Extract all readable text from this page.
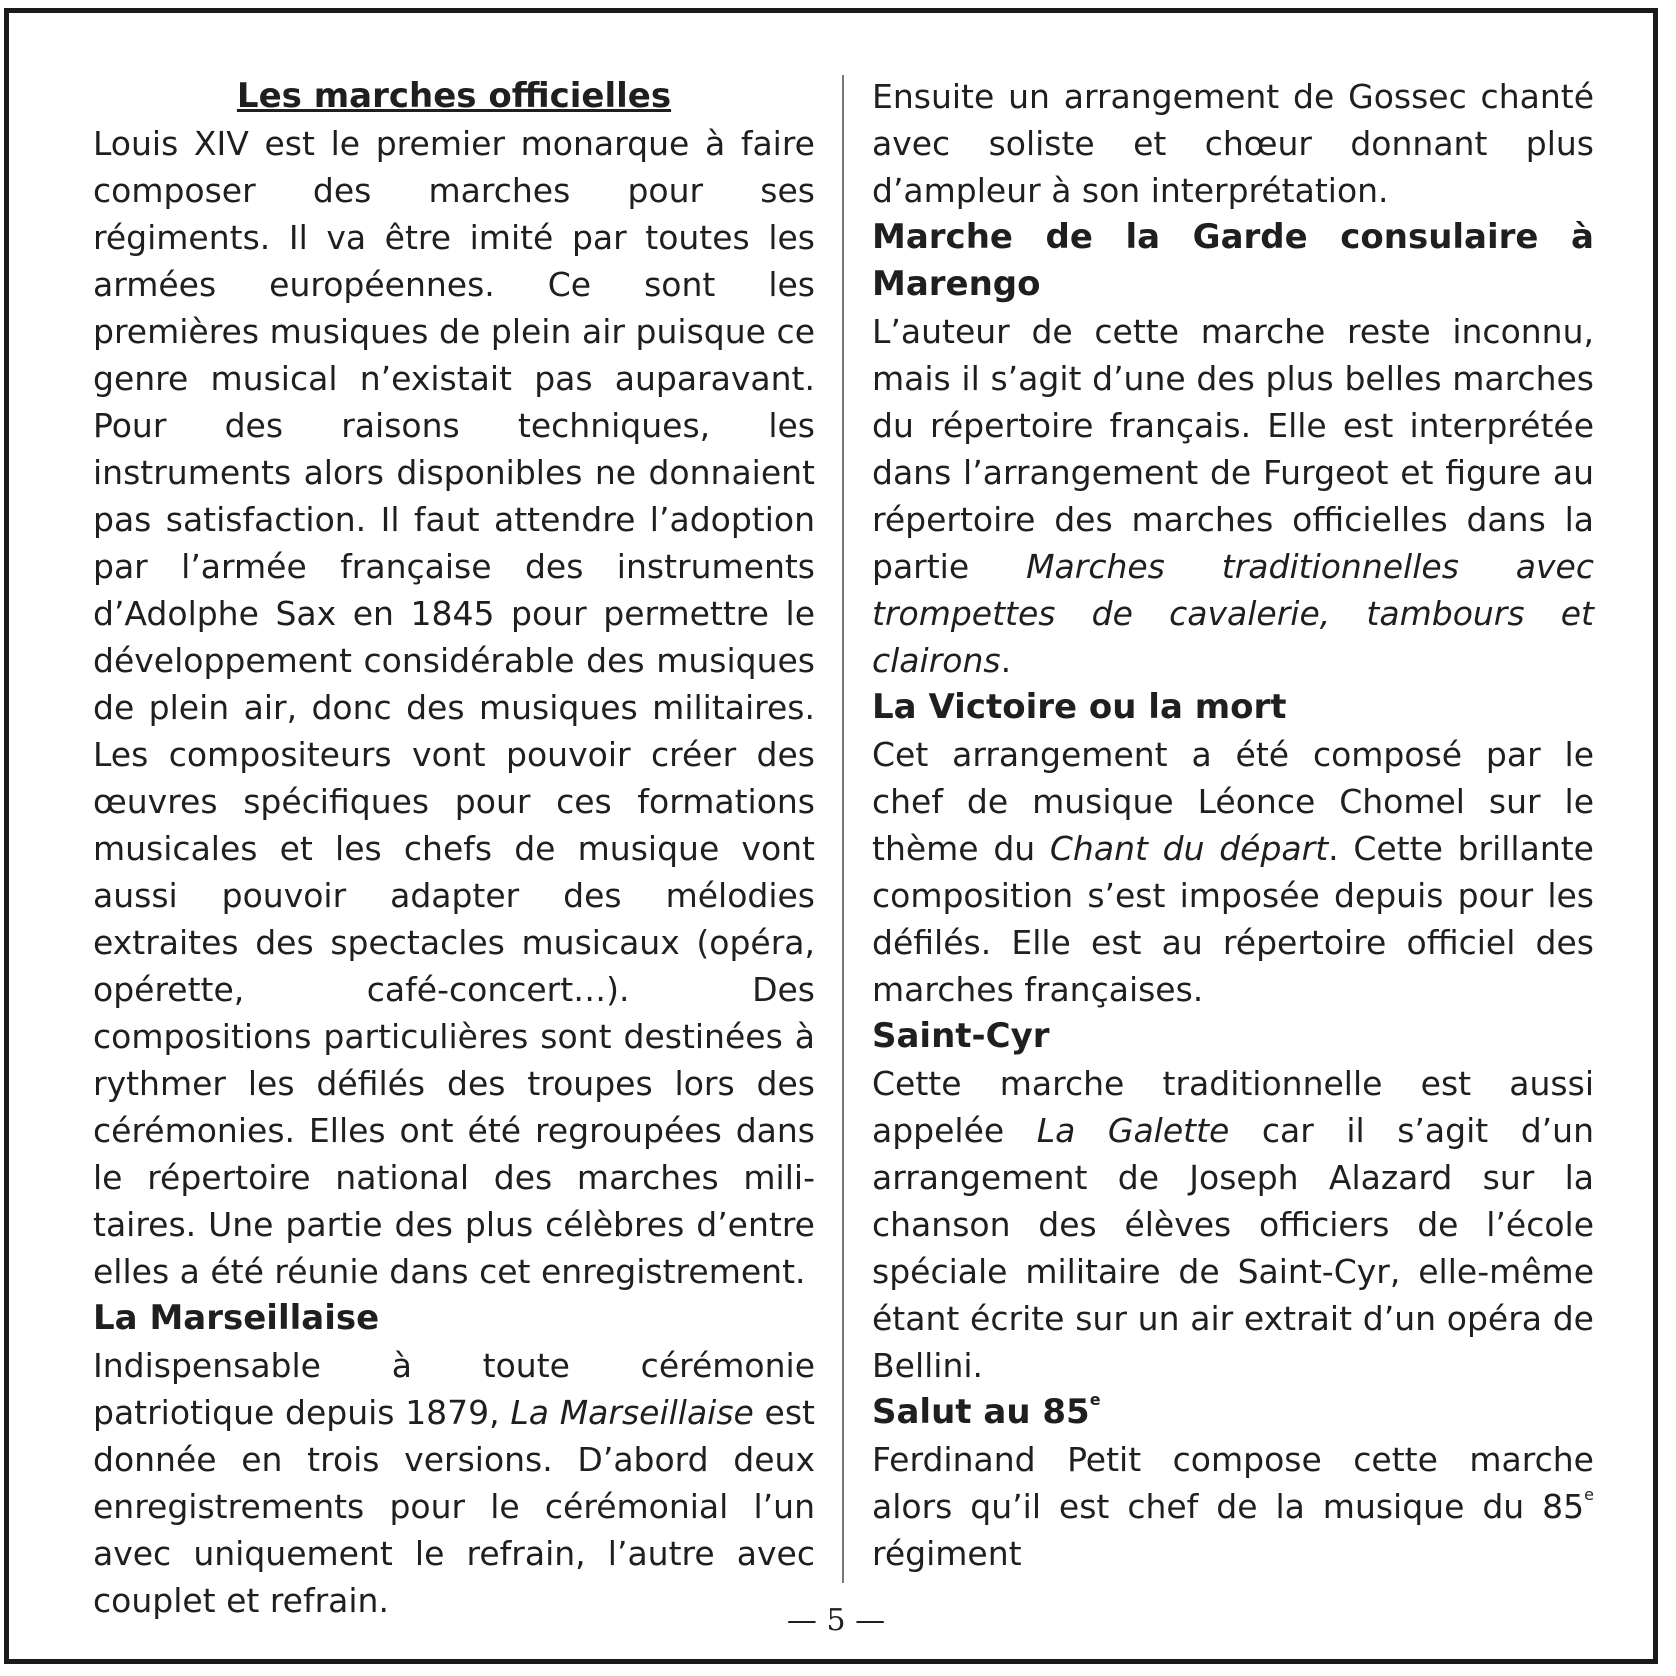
Les marches officielles

Louis XIV est le premier monarque à faire composer des marches pour ses régiments. Il va être imité par toutes les armées européennes. Ce sont les premières musiques de plein air puisque ce genre musical n’existait pas auparavant. Pour des raisons techniques, les instruments alors disponibles ne donnaient pas satisfaction. Il faut attendre l’adoption par l’armée française des instruments d’Adolphe Sax en 1845 pour permettre le développement considérable des musiques de plein air, donc des musiques militaires. Les compositeurs vont pouvoir créer des œuvres spécifiques pour ces formations musicales et les chefs de musique vont aussi pouvoir adapter des mélodies extraites des spectacles musicaux (opéra, opérette, café-concert…). Des compositions particulières sont destinées à rythmer les défilés des troupes lors des cérémonies. Elles ont été regroupées dans le répertoire national des marches militaires. Une partie des plus célèbres d’entre elles a été réunie dans cet enregistrement.

La Marseillaise

Indispensable à toute cérémonie patriotique depuis 1879, La Marseillaise est donnée en trois versions. D’abord deux enregistrements pour le cérémonial l’un avec uniquement le refrain, l’autre avec couplet et refrain.

Ensuite un arrangement de Gossec chanté avec soliste et chœur donnant plus d’ampleur à son interprétation.

Marche de la Garde consulaire à Marengo

L’auteur de cette marche reste inconnu, mais il s’agit d’une des plus belles marches du répertoire français. Elle est interprétée dans l’arrangement de Furgeot et figure au répertoire des marches officielles dans la partie Marches traditionnelles avec trompettes de cavalerie, tambours et clairons.

La Victoire ou la mort

Cet arrangement a été composé par le chef de musique Léonce Chomel sur le thème du Chant du départ. Cette brillante composition s’est imposée depuis pour les défilés. Elle est au répertoire officiel des marches françaises.

Saint-Cyr

Cette marche traditionnelle est aussi appelée La Galette car il s’agit d’un arrangement de Joseph Alazard sur la chanson des élèves officiers de l’école spéciale militaire de Saint-Cyr, elle-même étant écrite sur un air extrait d’un opéra de Bellini.

Salut au 85e

Ferdinand Petit compose cette marche alors qu’il est chef de la musique du 85e régiment

— 5 —
